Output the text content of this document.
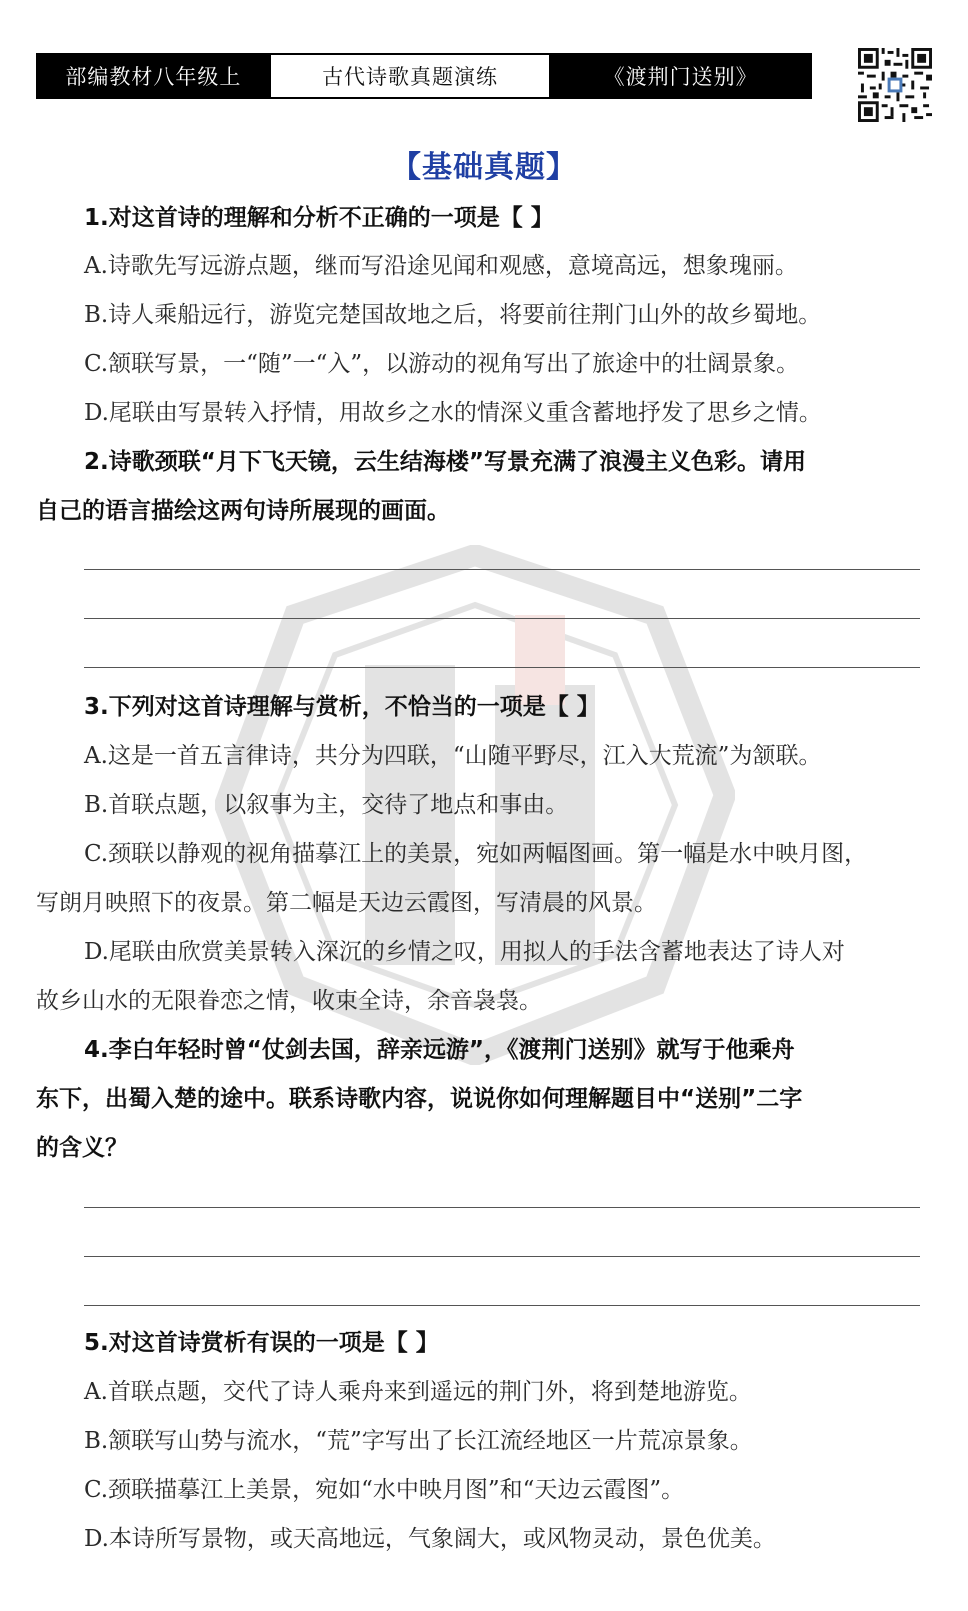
部编教材八年级上	古代诗歌真题演练	《渡荆门送别》
【基础真题】
1.对这首诗的理解和分析不正确的一项是【 】
A.诗歌先写远游点题，继而写沿途见闻和观感，意境高远，想象瑰丽。
B.诗人乘船远行，游览完楚国故地之后，将要前往荆门山外的故乡蜀地。
C.颔联写景，一“随”一“入”，以游动的视角写出了旅途中的壮阔景象。
D.尾联由写景转入抒情，用故乡之水的情深义重含蓄地抒发了思乡之情。
2.诗歌颈联“月下飞天镜，云生结海楼”写景充满了浪漫主义色彩。请用
自己的语言描绘这两句诗所展现的画面。
3.下列对这首诗理解与赏析，不恰当的一项是【 】
A.这是一首五言律诗，共分为四联，“山随平野尽，江入大荒流”为颔联。
B.首联点题，以叙事为主，交待了地点和事由。
C.颈联以静观的视角描摹江上的美景，宛如两幅图画。第一幅是水中映月图，
写朗月映照下的夜景。第二幅是天边云霞图，写清晨的风景。
D.尾联由欣赏美景转入深沉的乡情之叹，用拟人的手法含蓄地表达了诗人对
故乡山水的无限眷恋之情，收束全诗，余音袅袅。
4.李白年轻时曾“仗剑去国，辞亲远游”，《渡荆门送别》就写于他乘舟
东下，出蜀入楚的途中。联系诗歌内容，说说你如何理解题目中“送别”二字
的含义？
5.对这首诗赏析有误的一项是【 】
A.首联点题，交代了诗人乘舟来到遥远的荆门外，将到楚地游览。
B.颔联写山势与流水，“荒”字写出了长江流经地区一片荒凉景象。
C.颈联描摹江上美景，宛如“水中映月图”和“天边云霞图”。
D.本诗所写景物，或天高地远，气象阔大，或风物灵动，景色优美。
